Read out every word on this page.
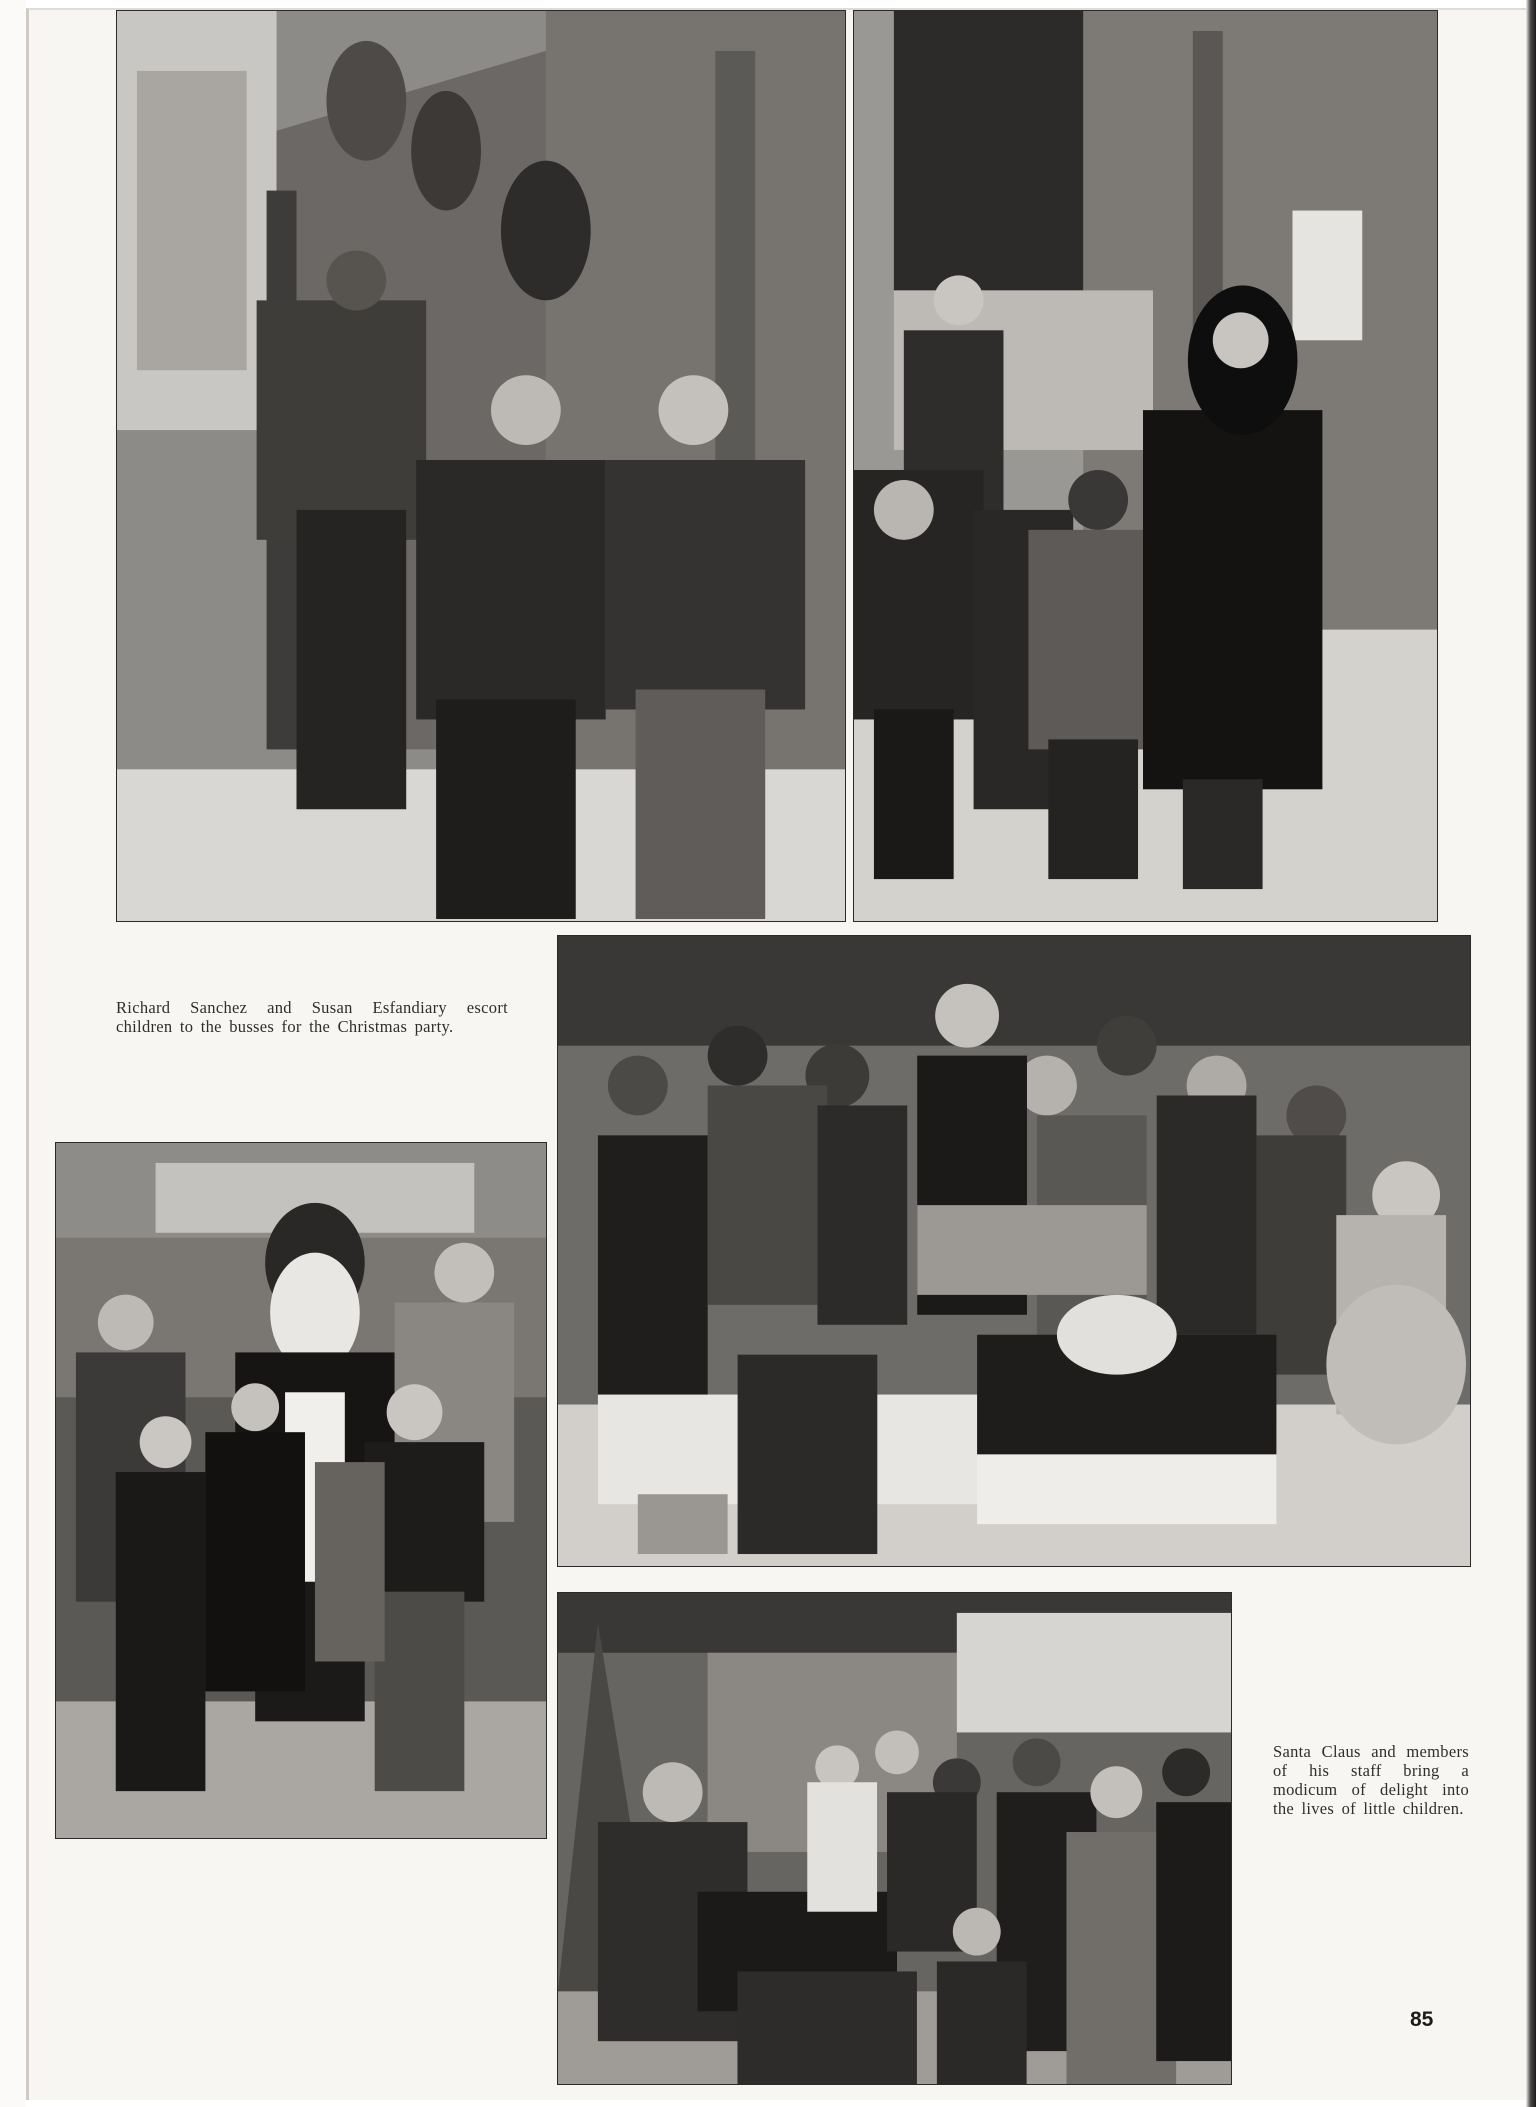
Richard Sanchez and Susan Esfandiary escort children to the busses for the Christmas party.
Santa Claus and members of his staff bring a modicum of delight into the lives of little children.
85
